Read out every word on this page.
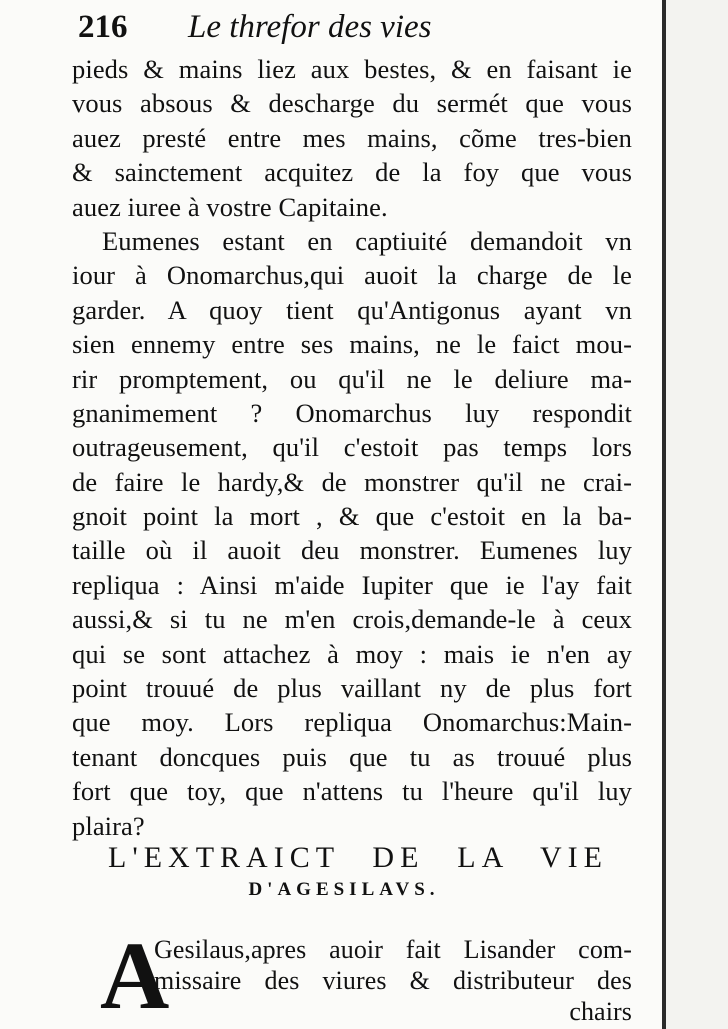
216 Le threfor des vies
pieds & mains liez aux bestes, & en faisant ie
vous absous & descharge du sermét que vous
auez presté entre mes mains, cõme tres-bien
& sainctement acquitez de la foy que vous
auez iuree à vostre Capitaine.
Eumenes estant en captiuité demandoit vn
iour à Onomarchus,qui auoit la charge de le
garder. A quoy tient qu'Antigonus ayant vn
sien ennemy entre ses mains, ne le faict mou-
rir promptement, ou qu'il ne le deliure ma-
gnanimement ? Onomarchus luy respondit
outrageusement, qu'il c'estoit pas temps lors
de faire le hardy,& de monstrer qu'il ne crai-
gnoit point la mort , & que c'estoit en la ba-
taille où il auoit deu monstrer. Eumenes luy
repliqua : Ainsi m'aide Iupiter que ie l'ay fait
aussi,& si tu ne m'en crois,demande-le à ceux
qui se sont attachez à moy : mais ie n'en ay
point trouué de plus vaillant ny de plus fort
que moy. Lors repliqua Onomarchus:Main-
tenant doncques puis que tu as trouué plus
fort que toy, que n'attens tu l'heure qu'il luy
plaira?
L'EXTRAICT DE LA VIE
D'AGESILAVS.
A
Gesilaus,apres auoir fait Lisander com-
missaire des viures & distributeur des
chairs
